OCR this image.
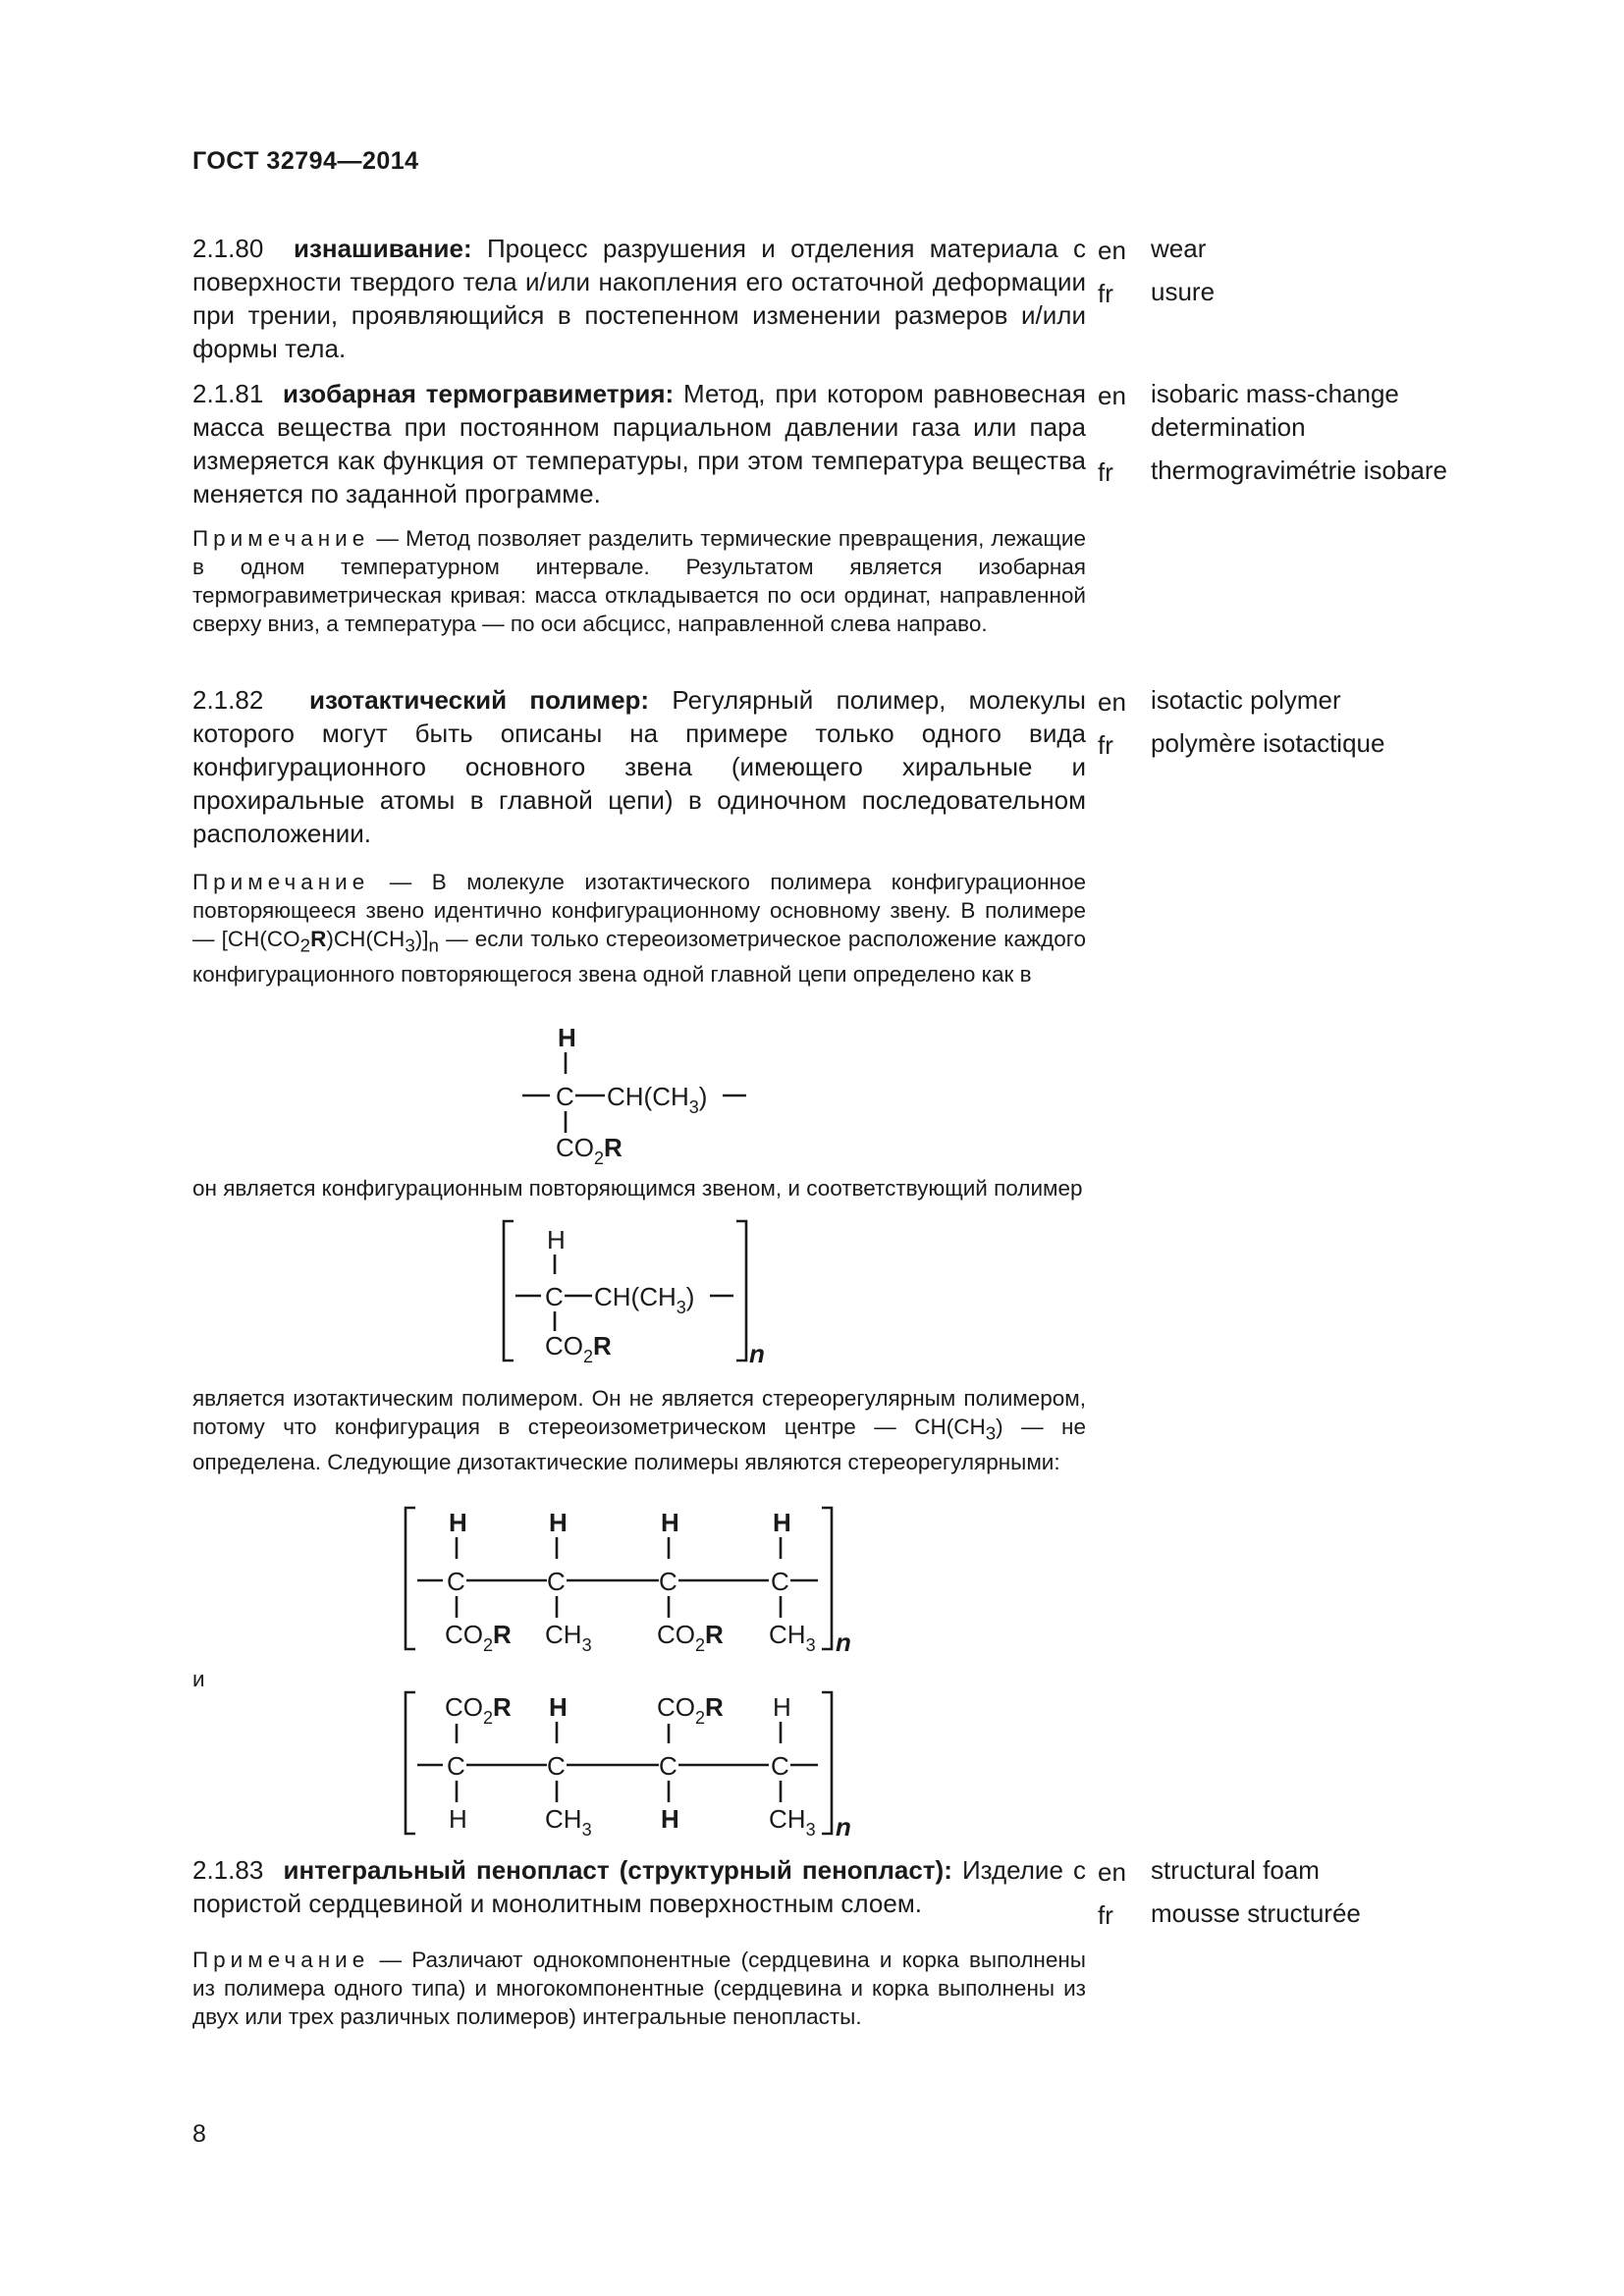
ГОСТ 32794—2014
2.1.80 изнашивание: Процесс разрушения и отделения материала с поверхности твердого тела и/или накопления его остаточной деформации при трении, проявляющийся в постепенном изменении размеров и/или формы тела.
en wear
fr usure
2.1.81 изобарная термогравиметрия: Метод, при котором равновесная масса вещества при постоянном парциальном давлении газа или пара измеряется как функция от температуры, при этом температура вещества меняется по заданной программе.
en isobaric mass-change determination
fr thermogravimétrie isobare
Примечание — Метод позволяет разделить термические превращения, лежащие в одном температурном интервале. Результатом является изобарная термогравиметрическая кривая: масса откладывается по оси ординат, направленной сверху вниз, а температура — по оси абсцисс, направленной слева направо.
2.1.82 изотактический полимер: Регулярный полимер, молекулы которого могут быть описаны на примере только одного вида конфигурационного основного звена (имеющего хиральные и прохиральные атомы в главной цепи) в одиночном последовательном расположении.
en isotactic polymer
fr polymère isotactique
Примечание — В молекуле изотактического полимера конфигурационное повторяющееся звено идентично конфигурационному основному звену. В полимере — $[CH(CO_2R)CH(CH_3)]_n$ — если только стереоизометрическое расположение каждого конфигурационного повторяющегося звена одной главной цепи определено как в
H
C $CH(CH_3)$
$CO_2R$
он является конфигурационным повторяющимся звеном, и соответствующий полимер
H
C $CH(CH_3)$
$CO_2R$	n
является изотактическим полимером. Он не является стереорегулярным полимером, потому что конфигурация в стереоизометрическом центре — $CH(CH_3)$ — не определена. Следующие дизотактические полимеры являются стереорегулярными:
H
C
$CO_2R$
H
C
$CH_3$
H
C
$CO_2R$
H
C
$CH_3$ n
и
$CO_2R$
C
H
H
C
$CH_3$
$CO_2R$
C
H
H
C
$CH_3$ n
2.1.83 интегральный пенопласт (структурный пенопласт): Изделие с пористой сердцевиной и монолитным поверхностным слоем.
en structural foam
fr mousse structurée
Примечание — Различают однокомпонентные (сердцевина и корка выполнены из полимера одного типа) и многокомпонентные (сердцевина и корка выполнены из двух или трех различных полимеров) интегральные пенопласты.
8
